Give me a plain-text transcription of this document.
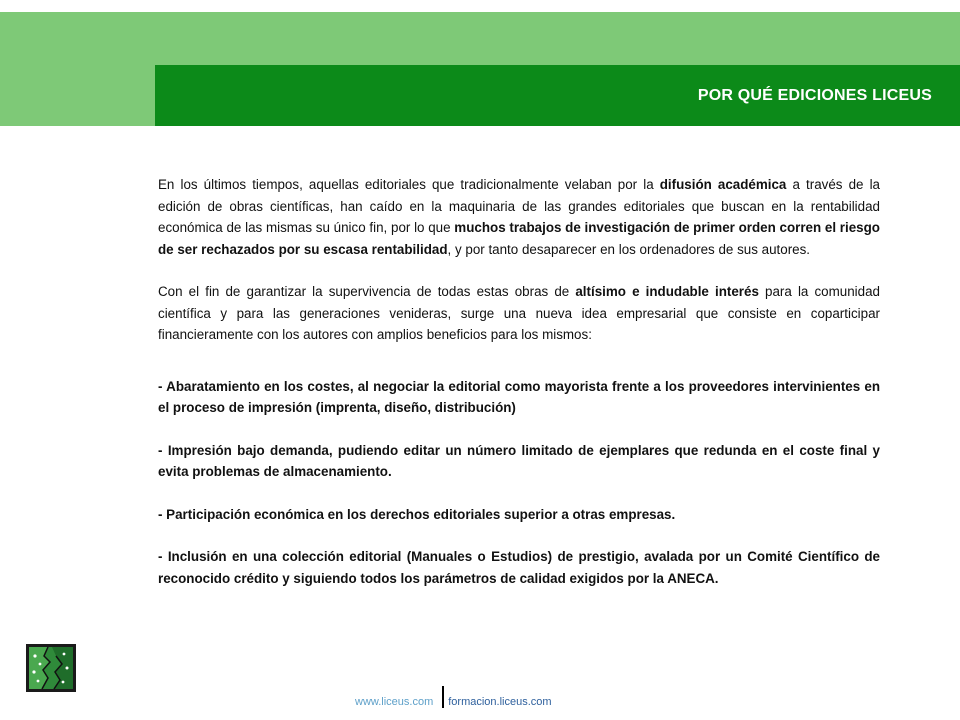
POR QUÉ EDICIONES LICEUS

En los últimos tiempos, aquellas editoriales que tradicionalmente velaban por la difusión académica a través de la edición de obras científicas, han caído en la maquinaria de las grandes editoriales que buscan en la rentabilidad económica de las mismas su único fin, por lo que muchos trabajos de investigación de primer orden corren el riesgo de ser rechazados por su escasa rentabilidad, y por tanto desaparecer en los ordenadores de sus autores.

Con el fin de garantizar la supervivencia de todas estas obras de altísimo e indudable interés para la comunidad científica y para las generaciones venideras, surge una nueva idea empresarial que consiste en coparticipar financieramente con los autores con amplios beneficios para los mismos:

- Abaratamiento en los costes, al negociar la editorial como mayorista frente a los proveedores intervinientes en el proceso de impresión (imprenta, diseño, distribución)

- Impresión bajo demanda, pudiendo editar un número limitado de ejemplares que redunda en el coste final y evita problemas de almacenamiento.

- Participación económica en los derechos editoriales superior a otras empresas.

- Inclusión en una colección editorial (Manuales o Estudios) de prestigio, avalada por un Comité Científico de reconocido crédito y siguiendo todos los parámetros de calidad exigidos por la ANECA.

www.liceus.com formacion.liceus.com
